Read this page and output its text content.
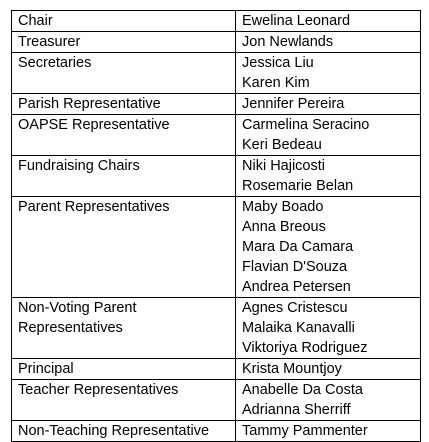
Chair	Ewelina Leonard

Treasurer	Jon Newlands

Secretaries	Jessica Liu
Karen Kim

Parish Representative	Jennifer Pereira

OAPSE Representative	Carmelina Seracino
Keri Bedeau

Fundraising Chairs	Niki Hajicosti
Rosemarie Belan

Parent Representatives	Maby Boado
Anna Breous
Mara Da Camara
Flavian D'Souza
Andrea Petersen

Non-Voting Parent
Representatives	Agnes Cristescu
Malaika Kanavalli
Viktoriya Rodriguez

Principal	Krista Mountjoy

Teacher Representatives	Anabelle Da Costa
Adrianna Sherriff

Non-Teaching Representative	Tammy Pammenter
